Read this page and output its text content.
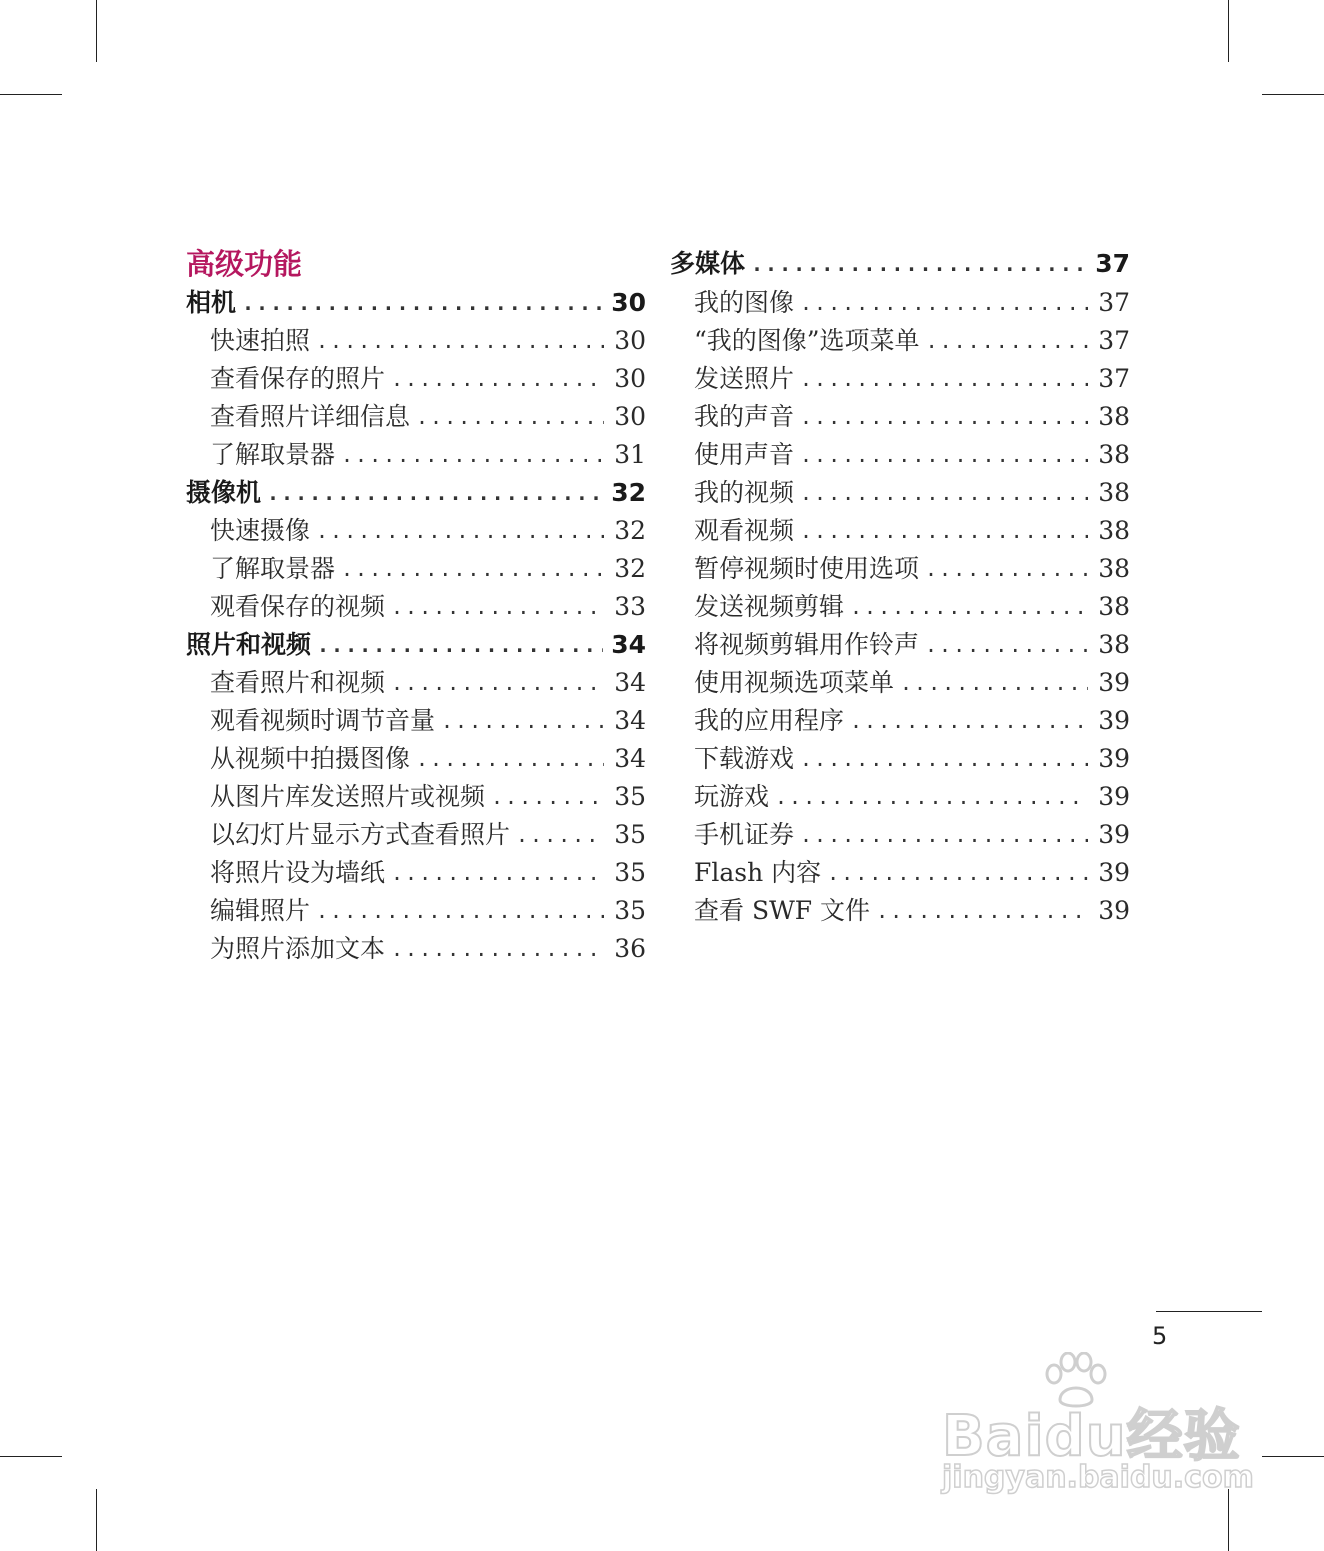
高级功能
相机 .....	30
快速拍照 .....	30
查看保存的照片 .....	30
查看照片详细信息 .....	30
了解取景器 .....	31
摄像机 .....	32
快速摄像 .....	32
了解取景器 .....	32
观看保存的视频 .....	33
照片和视频 .....	34
查看照片和视频 .....	34
观看视频时调节音量 .....	34
从视频中拍摄图像 .....	34
从图片库发送照片或视频 .....	35
以幻灯片显示方式查看照片 .....	35
将照片设为墙纸 .....	35
编辑照片 .....	35
为照片添加文本 .....	36
多媒体 .....	37
我的图像 .....	37
“我的图像”选项菜单 .....	37
发送照片 .....	37
我的声音 .....	38
使用声音 .....	38
我的视频 .....	38
观看视频 .....	38
暂停视频时使用选项 .....	38
发送视频剪辑 .....	38
将视频剪辑用作铃声 .....	38
使用视频选项菜单 .....	39
我的应用程序 .....	39
下载游戏 .....	39
玩游戏 .....	39
手机证券 .....	39
Flash 内容 .....	39
查看 SWF 文件 .....	39
5
Baidu经验
jingyan.baidu.com
